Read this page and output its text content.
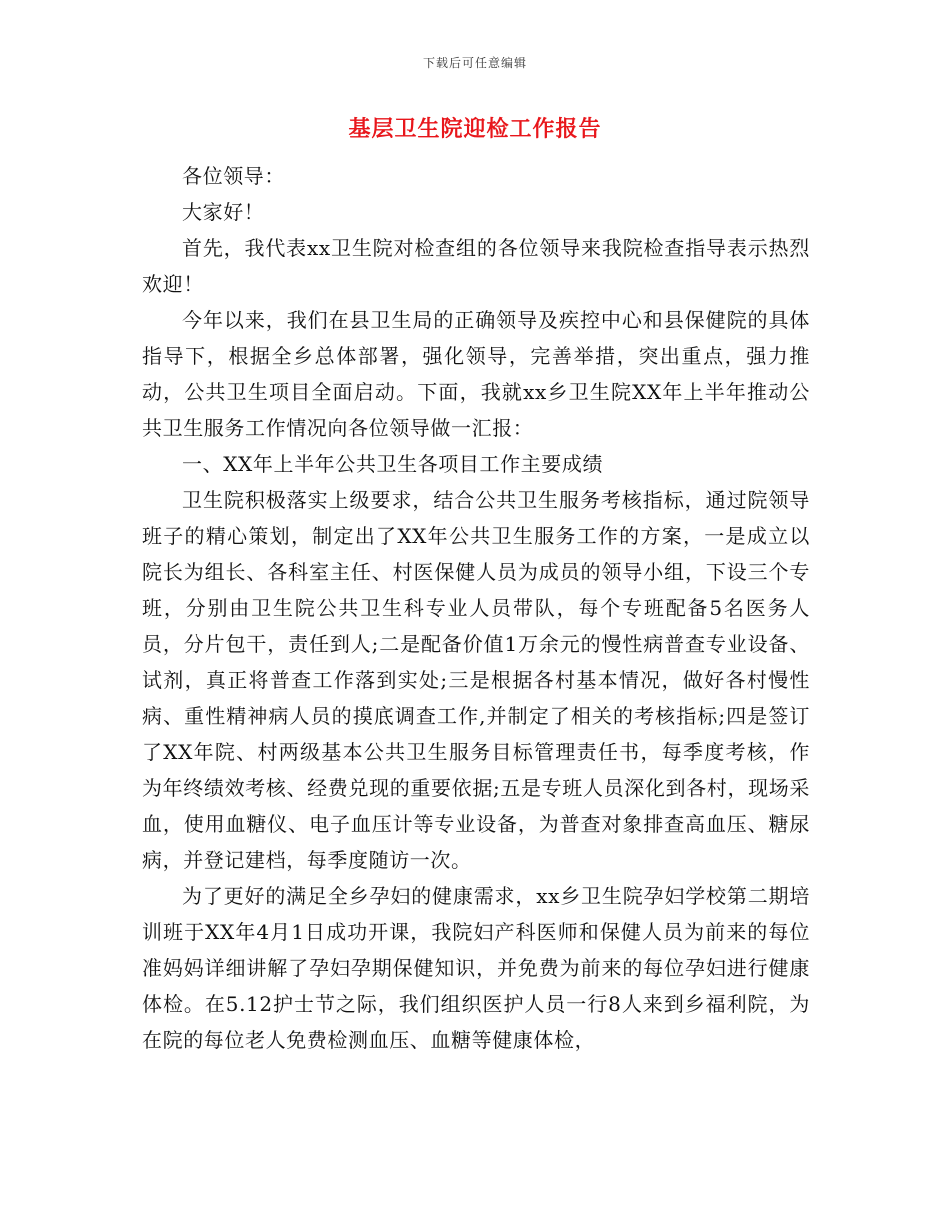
下载后可任意编辑
基层卫生院迎检工作报告

各位领导：

大家好！

首先，我代表xx卫生院对检查组的各位领导来我院检查指导表示热烈欢迎！

今年以来，我们在县卫生局的正确领导及疾控中心和县保健院的具体指导下，根据全乡总体部署，强化领导，完善举措，突出重点，强力推动，公共卫生项目全面启动。下面，我就xx乡卫生院XX年上半年推动公共卫生服务工作情况向各位领导做一汇报：

一、XX年上半年公共卫生各项目工作主要成绩

卫生院积极落实上级要求，结合公共卫生服务考核指标，通过院领导班子的精心策划，制定出了XX年公共卫生服务工作的方案，一是成立以院长为组长、各科室主任、村医保健人员为成员的领导小组，下设三个专班，分别由卫生院公共卫生科专业人员带队，每个专班配备5名医务人员，分片包干，责任到人;二是配备价值1万余元的慢性病普查专业设备、试剂，真正将普查工作落到实处;三是根据各村基本情况，做好各村慢性病、重性精神病人员的摸底调查工作,并制定了相关的考核指标;四是签订了XX年院、村两级基本公共卫生服务目标管理责任书，每季度考核，作为年终绩效考核、经费兑现的重要依据;五是专班人员深化到各村，现场采血，使用血糖仪、电子血压计等专业设备，为普查对象排查高血压、糖尿病，并登记建档，每季度随访一次。

为了更好的满足全乡孕妇的健康需求，xx乡卫生院孕妇学校第二期培训班于XX年4月1日成功开课，我院妇产科医师和保健人员为前来的每位准妈妈详细讲解了孕妇孕期保健知识，并免费为前来的每位孕妇进行健康体检。在5.12护士节之际，我们组织医护人员一行8人来到乡福利院，为在院的每位老人免费检测血压、血糖等健康体检，
